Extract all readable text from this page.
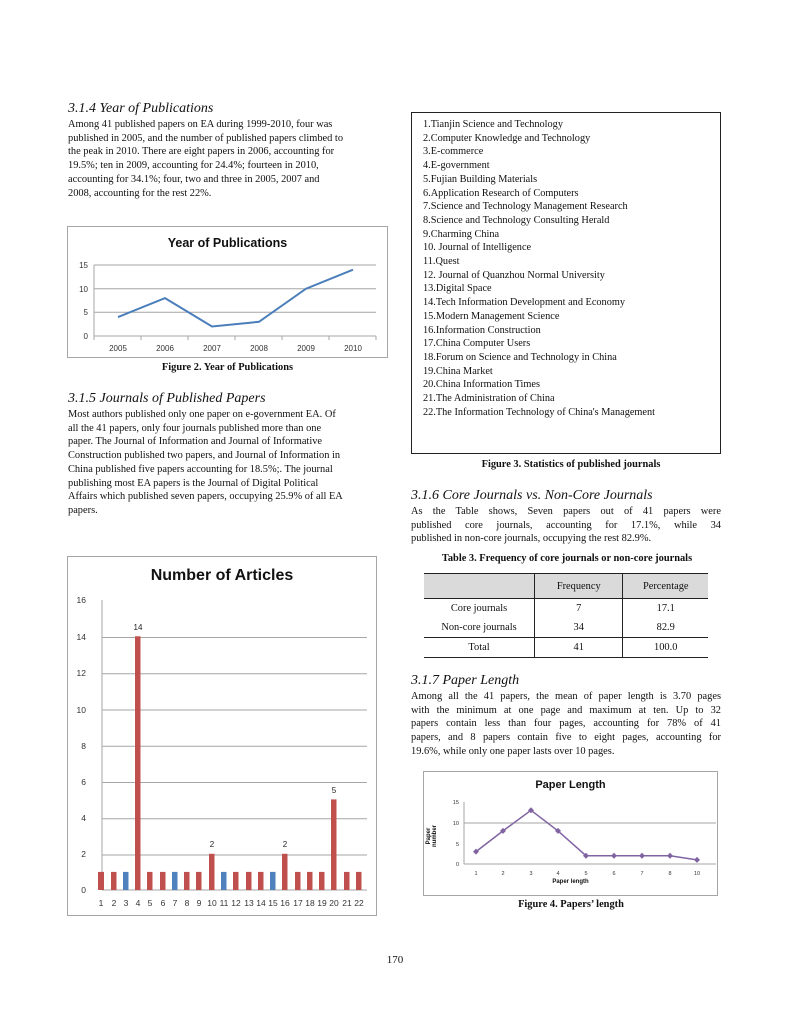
3.1.4 Year of Publications
Among 41 published papers on EA during 1999-2010, four was
published in 2005, and the number of published papers climbed to
the peak in 2010. There are eight papers in 2006, accounting for
19.5%; ten in 2009, accounting for 24.4%; fourteen in 2010,
accounting for 34.1%; four, two and three in 2005, 2007 and
2008, accounting for the rest 22%.
Year of Publications
15
10
5
0
2005	2006	2007	2008	2009	2010
Figure 2. Year of Publications
3.1.5 Journals of Published Papers
Most authors published only one paper on e-government EA. Of
all the 41 papers, only four journals published more than one
paper. The Journal of Information and Journal of Informative
Construction published two papers, and Journal of Information in
China published five papers accounting for 18.5%;. The journal
publishing most EA papers is the Journal of Digital Political
Affairs which published seven papers, occupying 25.9% of all EA
papers.
Number of Articles
14
2	2
5
16
14
12
10
8
6
4
2
0
1 2 3 4 5 6 7 8 9 10 11 12 13 14 15 16 17 18 19 20 21 22
1.Tianjin Science and Technology
2.Computer Knowledge and Technology
3.E-commerce
4.E-government
5.Fujian Building Materials
6.Application Research of Computers
7.Science and Technology Management Research
8.Science and Technology Consulting Herald
9.Charming China
10. Journal of Intelligence
11.Quest
12. Journal of Quanzhou Normal University
13.Digital Space
14.Tech Information Development and Economy
15.Modern Management Science
16.Information Construction
17.China Computer Users
18.Forum on Science and Technology in China
19.China Market
20.China Information Times
21.The Administration of China
22.The Information Technology of China's Management
Figure 3. Statistics of published journals
3.1.6 Core Journals vs. Non-Core Journals
As the Table shows, Seven papers out of 41 papers were
published core journals, accounting for 17.1%, while 34
published in non-core journals, occupying the rest 82.9%.
Table 3. Frequency of core journals or non-core journals
	Frequency	Percentage
Core journals	7	17.1
Non-core journals	34	82.9
Total	41	100.0
3.1.7 Paper Length
Among all the 41 papers, the mean of paper length is 3.70 pages
with the minimum at one page and maximum at ten. Up to 32
papers contain less than four pages, accounting for 78% of 41
papers, and 8 papers contain five to eight pages, accounting for
19.6%, while only one paper lasts over 10 pages.
Paper Length
15
10
5
0
1	2	3	4	5	6	7	8	10
Paper length
Paper number
Figure 4. Papers’ length
170
